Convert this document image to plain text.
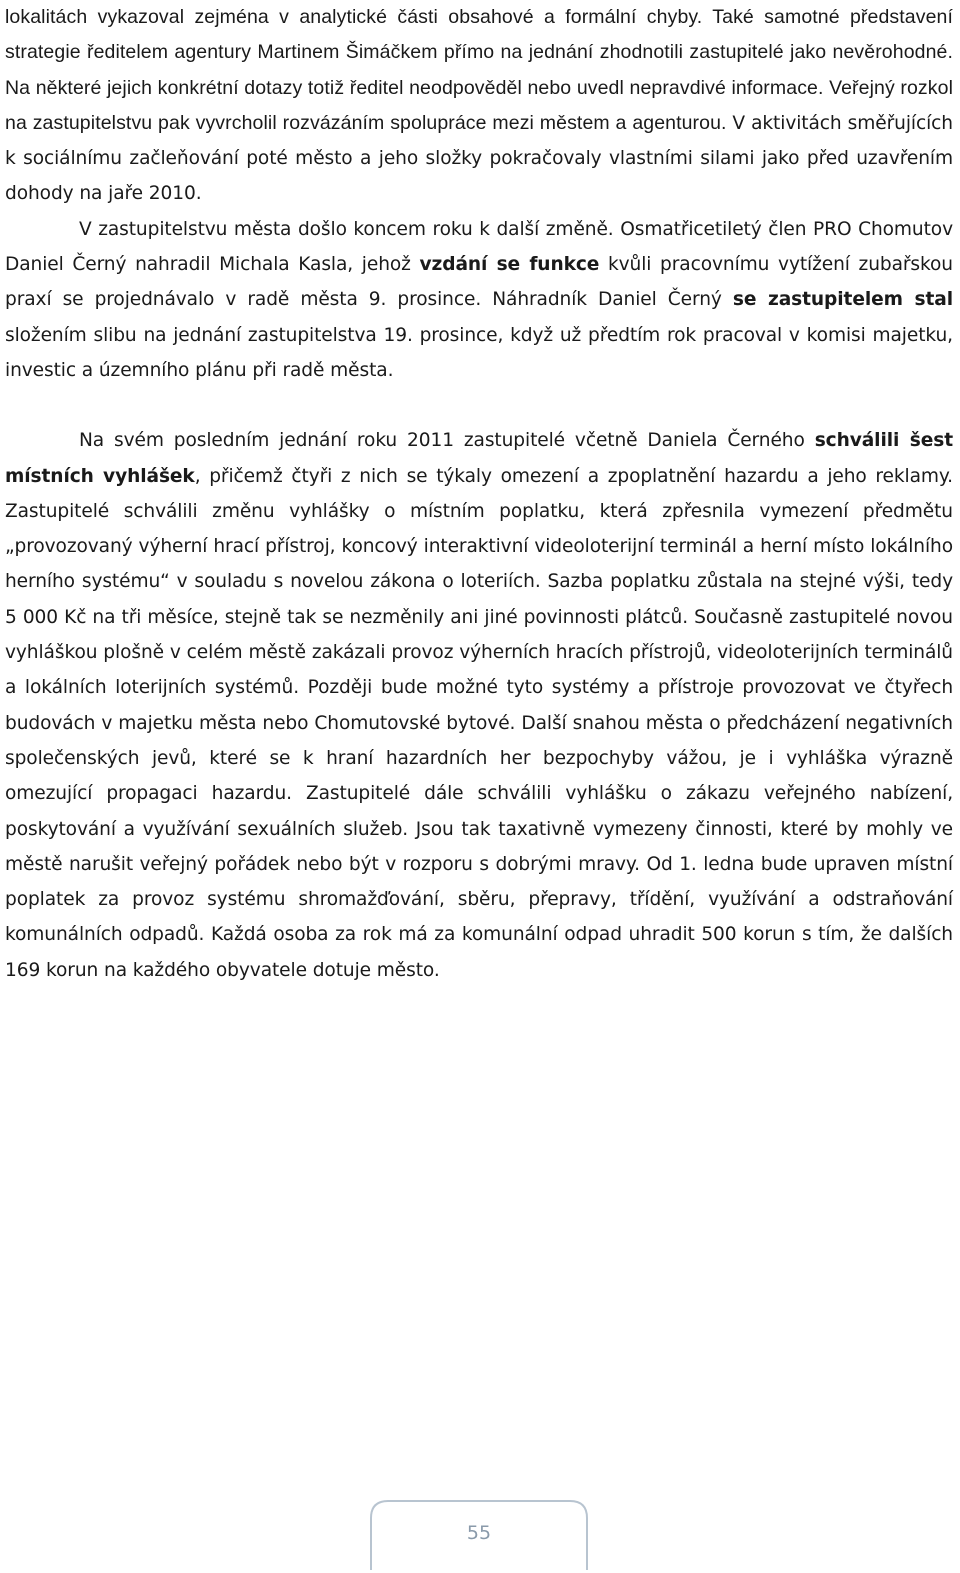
lokalitách vykazoval zejména v analytické části obsahové a formální chyby. Také samotné představení strategie ředitelem agentury Martinem Šimáčkem přímo na jednání zhodnotili zastupitelé jako nevěrohodné. Na některé jejich konkrétní dotazy totiž ředitel neodpověděl nebo uvedl nepravdivé informace. Veřejný rozkol na zastupitelstvu pak vyvrcholil rozvázáním spolupráce mezi městem a agenturou. V aktivitách směřujících k sociálnímu začleňování poté město a jeho složky pokračovaly vlastními silami jako před uzavřením dohody na jaře 2010.
V zastupitelstvu města došlo koncem roku k další změně. Osmatřicetiletý člen PRO Chomutov Daniel Černý nahradil Michala Kasla, jehož vzdání se funkce kvůli pracovnímu vytížení zubařskou praxí se projednávalo v radě města 9. prosince. Náhradník Daniel Černý se zastupitelem stal složením slibu na jednání zastupitelstva 19. prosince, když už předtím rok pracoval v komisi majetku, investic a územního plánu při radě města.

Na svém posledním jednání roku 2011 zastupitelé včetně Daniela Černého schválili šest místních vyhlášek, přičemž čtyři z nich se týkaly omezení a zpoplatnění hazardu a jeho reklamy. Zastupitelé schválili změnu vyhlášky o místním poplatku, která zpřesnila vymezení předmětu „provozovaný výherní hrací přístroj, koncový interaktivní videoloterijní terminál a herní místo lokálního herního systému“ v souladu s novelou zákona o loteriích. Sazba poplatku zůstala na stejné výši, tedy 5 000 Kč na tři měsíce, stejně tak se nezměnily ani jiné povinnosti plátců. Současně zastupitelé novou vyhláškou plošně v celém městě zakázali provoz výherních hracích přístrojů, videoloterijních terminálů a lokálních loterijních systémů. Později bude možné tyto systémy a přístroje provozovat ve čtyřech budovách v majetku města nebo Chomutovské bytové. Další snahou města o předcházení negativních společenských jevů, které se k hraní hazardních her bezpochyby vážou, je i vyhláška výrazně omezující propagaci hazardu. Zastupitelé dále schválili vyhlášku o zákazu veřejného nabízení, poskytování a využívání sexuálních služeb. Jsou tak taxativně vymezeny činnosti, které by mohly ve městě narušit veřejný pořádek nebo být v rozporu s dobrými mravy. Od 1. ledna bude upraven místní poplatek za provoz systému shromažďování, sběru, přepravy, třídění, využívání a odstraňování komunálních odpadů. Každá osoba za rok má za komunální odpad uhradit 500 korun s tím, že dalších 169 korun na každého obyvatele dotuje město.

55
